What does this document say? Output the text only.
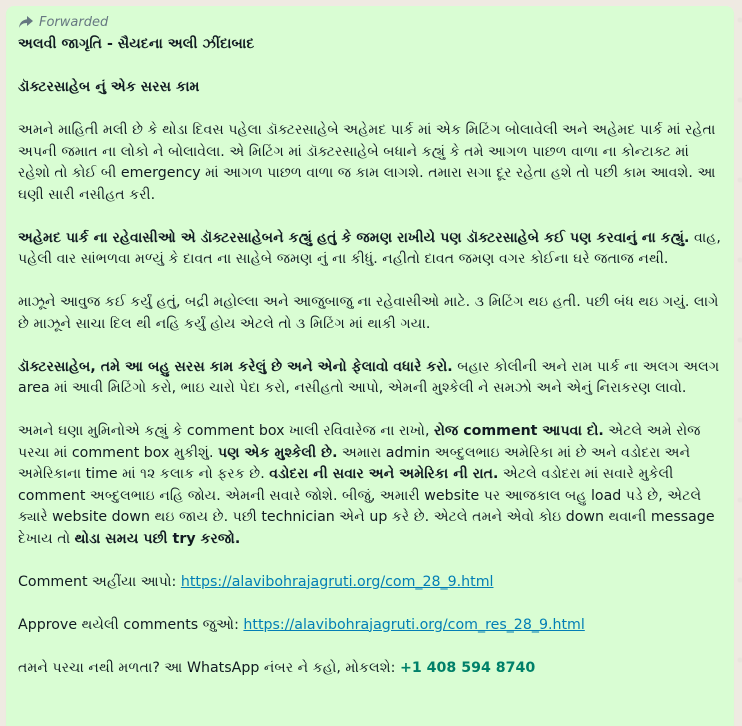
Forwarded

અલવી જાગૃતિ - સૈયદના અલી ઝીંદાબાદ

ડૉક્ટરસાહેબ નું એક સરસ કામ

અમને માહિતી મલી છે કે થોડા દિવસ પહેલા ડૉક્ટરસાહેબે અહેમદ પાર્ક માં એક મિટિંગ બોલાવેલી અને અહેમદ પાર્ક માં રહેતા અપની જમાત ના લોકો ને બોલાવેલા. એ મિટિંગ માં ડૉક્ટરસાહેબે બધાને કહ્યું કે તમે આગળ પાછળ વાળા ના કોન્ટાક્ટ માં રહેશો તો કોઈ બી emergency માં આગળ પાછળ વાળા જ કામ લાગશે. તમારા સગા દૂર રહેતા હશે તો પછી કામ આવશે. આ ઘણી સારી નસીહત કરી.

અહેમદ પાર્ક ના રહેવાસીઓ એ ડૉક્ટરસાહેબને કહ્યું હતું કે જમણ રાખીયે પણ ડૉક્ટરસાહેબે કઈ પણ કરવાનું ના કહ્યું. વાહ, પહેલી વાર સાંભળવા મળ્યું કે દાવત ના સાહેબે જમણ નું ના કીધું. નહીતો દાવત જમણ વગર કોઈના ઘરે જતાજ નથી.

માઝૂને આવુજ કઈ કર્યું હતું, બદ્રી મહોલ્લા અને આજુબાજુ ના રહેવાસીઓ માટે. ૩ મિટિંગ થઇ હતી. પછી બંધ થઇ ગયું. લાગે છે માઝૂને સાચા દિલ થી નહિ કર્યું હોય એટલે તો ૩ મિટિંગ માં થાકી ગયા.

ડૉક્ટરસાહેબ, તમે આ બહુ સરસ કામ કરેલું છે અને એનો ફેલાવો વધારે કરો. બહાર કોલીની અને રામ પાર્ક ના અલગ અલગ area માં આવી મિટિંગો કરો, ભાઇ ચારો પેદા કરો, નસીહતો આપો, એમની મુશ્કેલી ને સમઝો અને એનું નિરાકરણ લાવો.

અમને ઘણા મુમિનોએ કહ્યું કે comment box ખાલી રવિવારેજ ના રાખો, રોજ comment આપવા દો. એટલે અમે રોજ પરચા માં comment box મુકીશું. પણ એક મુશ્કેલી છે. અમારા admin અબ્દુલભાઇ અમેરિકા માં છે અને વડોદરા અને અમેરિકાના time માં ૧૨ કલાક નો ફરક છે. વડોદરા ની સવાર અને અમેરિકા ની રાત. એટલે વડોદરા માં સવારે મુકેલી comment અબ્દુલભાઇ નહિ જોય. એમની સવારે જોશે. બીજું, અમારી website પર આજકાલ બહુ load પડે છે, એટલે ક્યારે website down થઇ જાય છે. પછી technician એને up કરે છે. એટલે તમને એવો કોઇ down થવાની message દેખાય તો થોડા સમય પછી try કરજો.

Comment અહીંયા આપો: https://alavibohrajagruti.org/com_28_9.html

Approve થયેલી comments જુઓ: https://alavibohrajagruti.org/com_res_28_9.html

તમને પરચા નથી મળતા? આ WhatsApp નંબર ને કહો, મોકલશે: +1 408 594 8740
